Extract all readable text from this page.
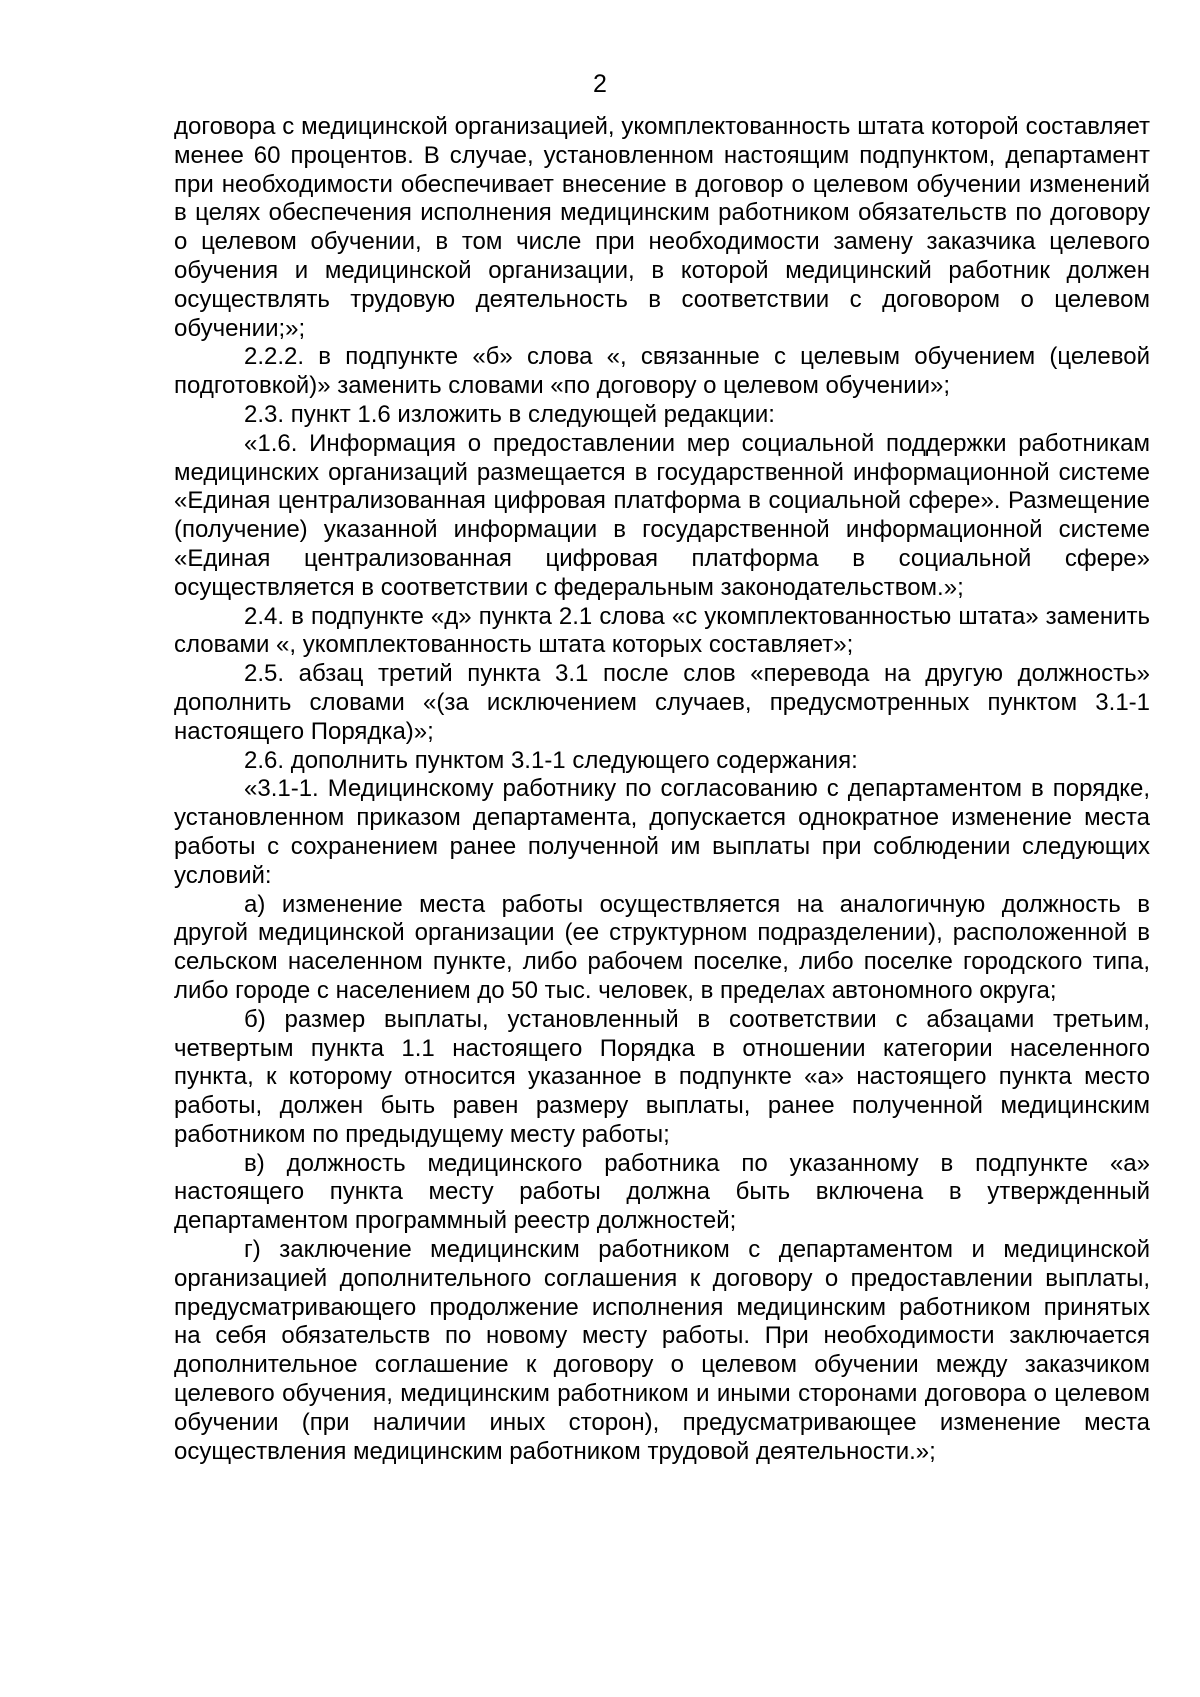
2

договора с медицинской организацией, укомплектованность штата которой составляет менее 60 процентов. В случае, установленном настоящим подпунктом, департамент при необходимости обеспечивает внесение в договор о целевом обучении изменений в целях обеспечения исполнения медицинским работником обязательств по договору о целевом обучении, в том числе при необходимости замену заказчика целевого обучения и медицинской организации, в которой медицинский работник должен осуществлять трудовую деятельность в соответствии с договором о целевом обучении;»;

2.2.2. в подпункте «б» слова «, связанные с целевым обучением (целевой подготовкой)» заменить словами «по договору о целевом обучении»;

2.3. пункт 1.6 изложить в следующей редакции:

«1.6. Информация о предоставлении мер социальной поддержки работникам медицинских организаций размещается в государственной информационной системе «Единая централизованная цифровая платформа в социальной сфере». Размещение (получение) указанной информации в государственной информационной системе «Единая централизованная цифровая платформа в социальной сфере» осуществляется в соответствии с федеральным законодательством.»;

2.4. в подпункте «д» пункта 2.1 слова «с укомплектованностью штата» заменить словами «, укомплектованность штата которых составляет»;

2.5. абзац третий пункта 3.1 после слов «перевода на другую должность» дополнить словами «(за исключением случаев, предусмотренных пунктом 3.1-1 настоящего Порядка)»;

2.6. дополнить пунктом 3.1-1 следующего содержания:

«3.1-1. Медицинскому работнику по согласованию с департаментом в порядке, установленном приказом департамента, допускается однократное изменение места работы с сохранением ранее полученной им выплаты при соблюдении следующих условий:

а) изменение места работы осуществляется на аналогичную должность в другой медицинской организации (ее структурном подразделении), расположенной в сельском населенном пункте, либо рабочем поселке, либо поселке городского типа, либо городе с населением до 50 тыс. человек, в пределах автономного округа;

б) размер выплаты, установленный в соответствии с абзацами третьим, четвертым пункта 1.1 настоящего Порядка в отношении категории населенного пункта, к которому относится указанное в подпункте «а» настоящего пункта место работы, должен быть равен размеру выплаты, ранее полученной медицинским работником по предыдущему месту работы;

в) должность медицинского работника по указанному в подпункте «а» настоящего пункта месту работы должна быть включена в утвержденный департаментом программный реестр должностей;

г) заключение медицинским работником с департаментом и медицинской организацией дополнительного соглашения к договору о предоставлении выплаты, предусматривающего продолжение исполнения медицинским работником принятых на себя обязательств по новому месту работы. При необходимости заключается дополнительное соглашение к договору о целевом обучении между заказчиком целевого обучения, медицинским работником и иными сторонами договора о целевом обучении (при наличии иных сторон), предусматривающее изменение места осуществления медицинским работником трудовой деятельности.»;
